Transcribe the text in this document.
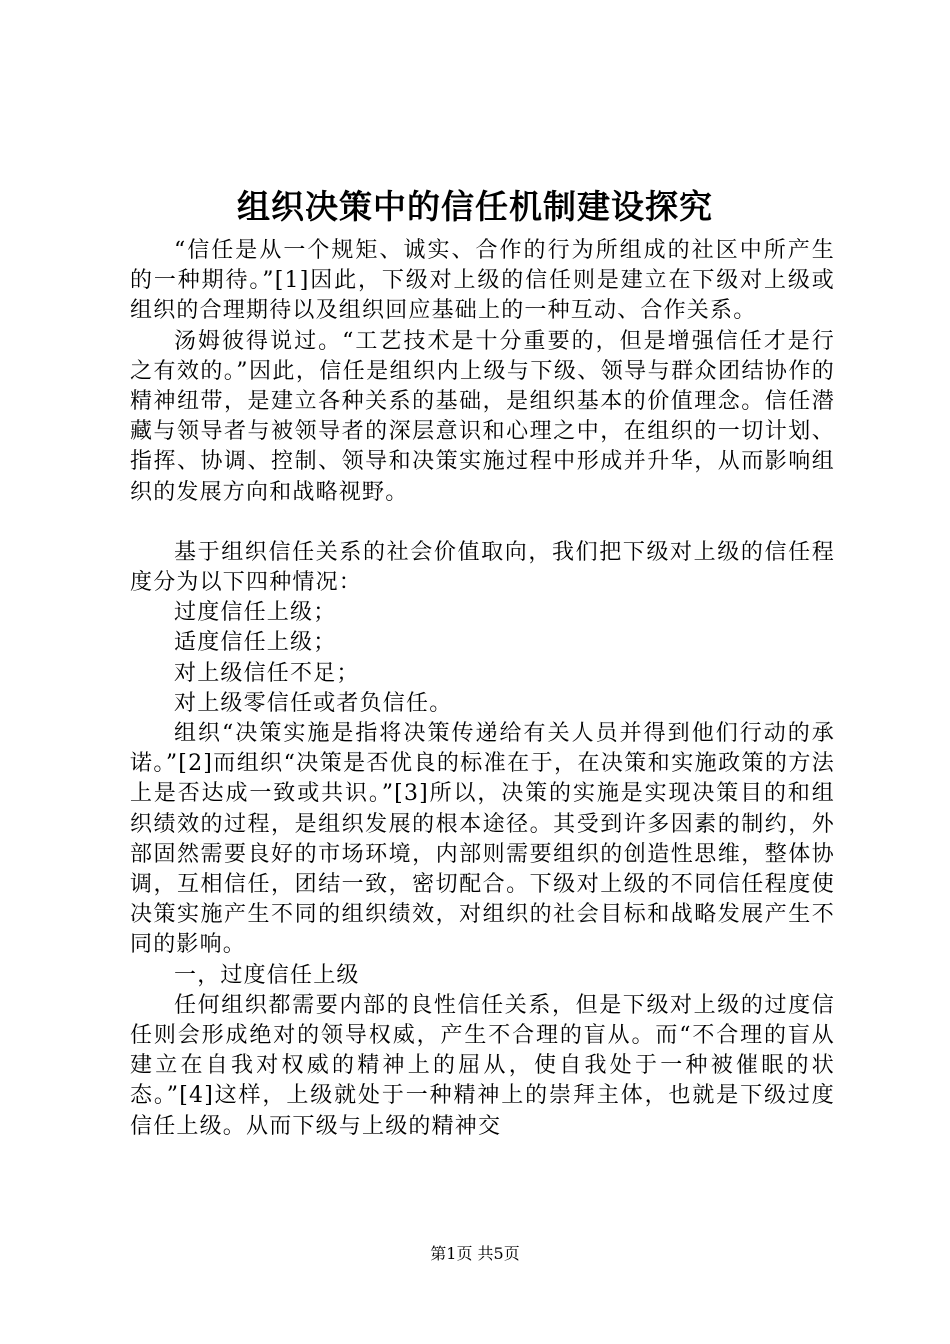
组织决策中的信任机制建设探究

“信任是从一个规矩、诚实、合作的行为所组成的社区中所产生的一种期待。”[1]因此，下级对上级的信任则是建立在下级对上级或组织的合理期待以及组织回应基础上的一种互动、合作关系。

汤姆彼得说过。“工艺技术是十分重要的，但是增强信任才是行之有效的。”因此，信任是组织内上级与下级、领导与群众团结协作的精神纽带，是建立各种关系的基础，是组织基本的价值理念。信任潜藏与领导者与被领导者的深层意识和心理之中，在组织的一切计划、指挥、协调、控制、领导和决策实施过程中形成并升华，从而影响组织的发展方向和战略视野。

基于组织信任关系的社会价值取向，我们把下级对上级的信任程度分为以下四种情况：

过度信任上级；

适度信任上级；

对上级信任不足；

对上级零信任或者负信任。

组织“决策实施是指将决策传递给有关人员并得到他们行动的承诺。”[2]而组织“决策是否优良的标准在于，在决策和实施政策的方法上是否达成一致或共识。”[3]所以，决策的实施是实现决策目的和组织绩效的过程，是组织发展的根本途径。其受到许多因素的制约，外部固然需要良好的市场环境，内部则需要组织的创造性思维，整体协调，互相信任，团结一致，密切配合。下级对上级的不同信任程度使决策实施产生不同的组织绩效，对组织的社会目标和战略发展产生不同的影响。

一，过度信任上级

任何组织都需要内部的良性信任关系，但是下级对上级的过度信任则会形成绝对的领导权威，产生不合理的盲从。而“不合理的盲从建立在自我对权威的精神上的屈从，使自我处于一种被催眠的状态。”[4]这样，上级就处于一种精神上的崇拜主体，也就是下级过度信任上级。从而下级与上级的精神交

第1页 共5页
